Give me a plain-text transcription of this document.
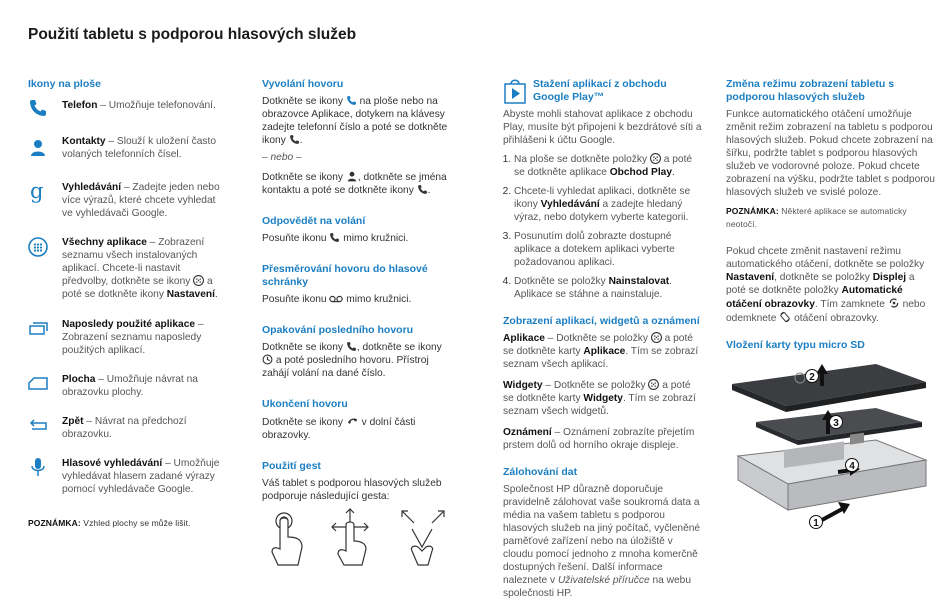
Použití tabletu s podporou hlasových služeb
Ikony na ploše

Telefon – Umožňuje telefonování.

Kontakty – Slouží k uložení často volaných telefonních čísel.

g	Vyhledávání – Zadejte jeden nebo více výrazů, které chcete vyhledat ve vyhledávači Google.

Všechny aplikace – Zobrazení seznamu všech instalovaných aplikací. Chcete-li nastavit předvolby, dotkněte se ikony  a poté se dotkněte ikony Nastavení.

Naposledy použité aplikace – Zobrazení seznamu naposledy použitých aplikací.

Plocha – Umožňuje návrat na obrazovku plochy.

Zpět – Návrat na předchozí obrazovku.

Hlasové vyhledávání – Umožňuje vyhledávat hlasem zadané výrazy pomocí vyhledávače Google.

POZNÁMKA: Vzhled plochy se může lišit.

Vyvolání hovoru

Dotkněte se ikony  na ploše nebo na obrazovce Aplikace, dotykem na klávesy zadejte telefonní číslo a poté se dotkněte ikony .

– nebo –

Dotkněte se ikony , dotkněte se jména kontaktu a poté se dotkněte ikony .

Odpovědět na volání

Posuňte ikonu  mimo kružnici.

Přesměrování hovoru do hlasové schránky

Posuňte ikonu  mimo kružnici.

Opakování posledního hovoru

Dotkněte se ikony , dotkněte se ikony  a poté posledního hovoru. Přístroj zahájí volání na dané číslo.

Ukončení hovoru

Dotkněte se ikony  v dolní části obrazovky.

Použití gest

Váš tablet s podporou hlasových služeb podporuje následující gesta:

Stažení aplikací z obchodu Google Play™

Abyste mohli stahovat aplikace z obchodu Play, musíte být připojeni k bezdrátové síti a přihlášeni k účtu Google.

1. Na ploše se dotkněte položky  a poté se dotkněte aplikace Obchod Play.
2. Chcete-li vyhledat aplikaci, dotkněte se ikony Vyhledávání a zadejte hledaný výraz, nebo dotykem vyberte kategorii.
3. Posunutím dolů zobrazte dostupné aplikace a dotekem aplikaci vyberte požadovanou aplikaci.
4. Dotkněte se položky Nainstalovat. Aplikace se stáhne a nainstaluje.
Zobrazení aplikací, widgetů a oznámení

Aplikace – Dotkněte se položky  a poté se dotkněte karty Aplikace. Tím se zobrazí seznam všech aplikací.

Widgety – Dotkněte se položky  a poté se dotkněte karty Widgety. Tím se zobrazí seznam všech widgetů.

Oznámení – Oznámení zobrazíte přejetím prstem dolů od horního okraje displeje.

Zálohování dat

Společnost HP důrazně doporučuje pravidelně zálohovat vaše soukromá data a média na vašem tabletu s podporou hlasových služeb na jiný počítač, vyčleněné paměťové zařízení nebo na úložiště v cloudu pomocí jednoho z mnoha komerčně dostupných řešení. Další informace naleznete v Uživatelské příručce na webu společnosti HP.

Změna režimu zobrazení tabletu s podporou hlasových služeb

Funkce automatického otáčení umožňuje změnit režim zobrazení na tabletu s podporou hlasových služeb. Pokud chcete zobrazení na šířku, podržte tablet s podporou hlasových služeb ve vodorovné poloze. Pokud chcete zobrazení na výšku, podržte tablet s podporou hlasových služeb ve svislé poloze.

POZNÁMKA: Některé aplikace se automaticky neotočí.

Pokud chcete změnit nastavení režimu automatického otáčení, dotkněte se položky Nastavení, dotkněte se položky Displej a poté se dotkněte položky Automatické otáčení obrazovky. Tím zamknete  nebo odemknete  otáčení obrazovky.

Vložení karty typu micro SD
2
3
4
1
